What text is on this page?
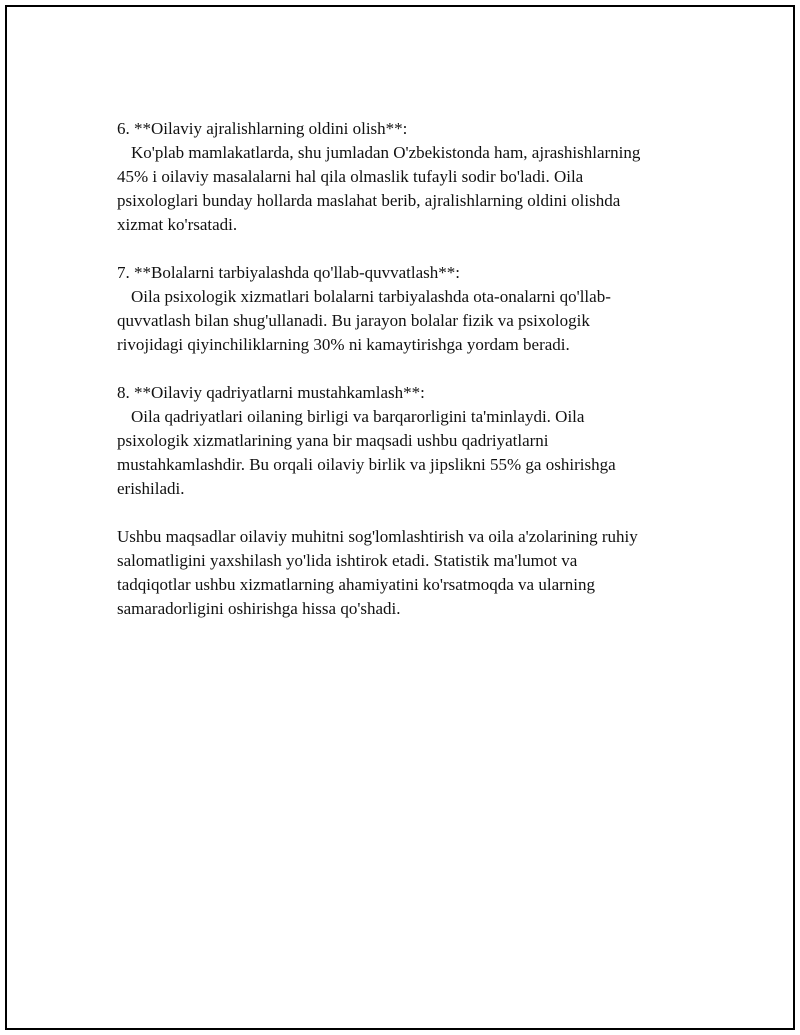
6. **Oilaviy ajralishlarning oldini olish**:
Ko'plab mamlakatlarda, shu jumladan O'zbekistonda ham, ajrashishlarning
45% i oilaviy masalalarni hal qila olmaslik tufayli sodir bo'ladi. Oila
psixologlari bunday hollarda maslahat berib, ajralishlarning oldini olishda
xizmat ko'rsatadi.
7. **Bolalarni tarbiyalashda qo'llab-quvvatlash**:
Oila psixologik xizmatlari bolalarni tarbiyalashda ota-onalarni qo'llab-
quvvatlash bilan shug'ullanadi. Bu jarayon bolalar fizik va psixologik
rivojidagi qiyinchiliklarning 30% ni kamaytirishga yordam beradi.
8. **Oilaviy qadriyatlarni mustahkamlash**:
Oila qadriyatlari oilaning birligi va barqarorligini ta'minlaydi. Oila
psixologik xizmatlarining yana bir maqsadi ushbu qadriyatlarni
mustahkamlashdir. Bu orqali oilaviy birlik va jipslikni 55% ga oshirishga
erishiladi.
Ushbu maqsadlar oilaviy muhitni sog'lomlashtirish va oila a'zolarining ruhiy
salomatligini yaxshilash yo'lida ishtirok etadi. Statistik ma'lumot va
tadqiqotlar ushbu xizmatlarning ahamiyatini ko'rsatmoqda va ularning
samaradorligini oshirishga hissa qo'shadi.
